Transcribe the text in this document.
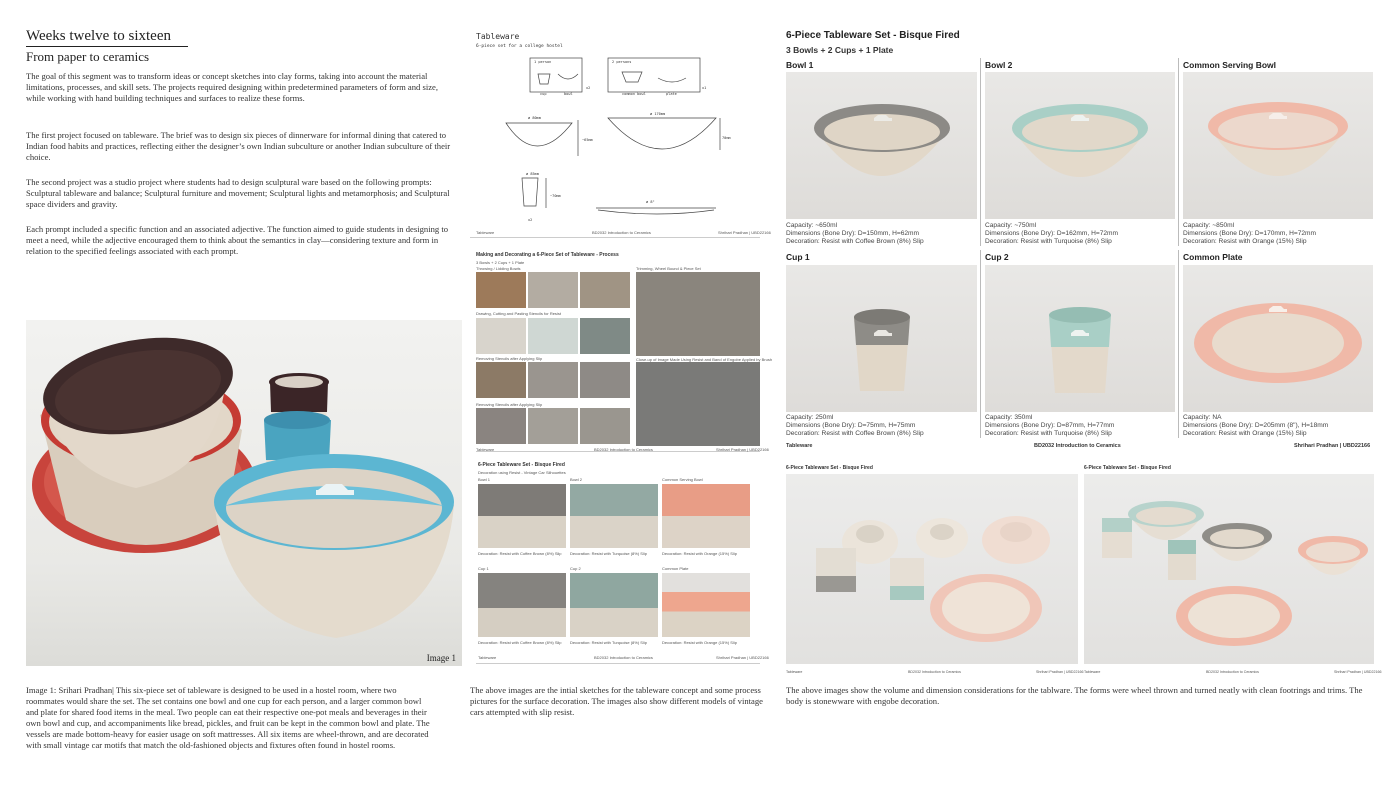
Weeks twelve to sixteen
From paper to ceramics
The goal of this segment was to transform ideas or concept sketches into clay forms, taking into account the material limitations, processes, and skill sets. The projects required designing within predetermined parameters of form and size, while working with hand building techniques and surfaces to realize these forms.
The first project focused on tableware. The brief was to design six pieces of dinnerware for informal dining that catered to Indian food habits and practices, reflecting either the designer’s own Indian subculture or another Indian subculture of their choice.
The second project was a studio project where students had to design sculptural ware based on the following prompts: Sculptural tableware and balance; Sculptural furniture and movement; Sculptural lights and metamorphosis; and Sculptural space dividers and gravity.
Each prompt included a specific function and an associated adjective. The function aimed to guide students in designing to meet a need, while the adjective encouraged them to think about the semantics in clay—considering texture and form in relation to the specified feelings associated with each prompt.
Image 1
Image 1: Srihari Pradhan| This six-piece set of tableware is designed to be used in a hostel room, where two roommates would share the set. The set contains one bowl and one cup for each person, and a larger common bowl and plate for shared food items in the meal. Two people can eat their respective one-pot meals and beverages in their own bowl and cup, and accompaniments like bread, pickles, and fruit can be kept in the common bowl and plate. The vessels are made bottom-heavy for easier usage on soft mattresses. All six items are wheel-thrown, and are decorated with small vintage car motifs that match the old-fashioned objects and fixtures often found in hostel rooms.
Tableware
6-piece set for a college hostel
1 person	2 persons
cup	bowl
x2
common bowl	plate
x1
ø 80mm
ø 170mm
~65mm	70mm
ø 85mm
~70mm
ø 8"
x2
Tableware	BD2032 Introduction to Ceramics	Shrihari Pradhan | UBD22166
Making and Decorating a 6-Piece Set of Tableware - Process
3 Bowls + 2 Cups + 1 Plate
Throwing / Lidding Bowls	Trimming, Wheel Bound & Piece Set
Drawing, Cutting and Pasting Stencils for Resist
Removing Stencils after Applying Slip	Close-up of Image Made Using Resist and Band of Engobe Applied by Brush
Removing Stencils after Applying Slip
Tableware	BD2032 Introduction to Ceramics	Shrihari Pradhan | UBD22166
6-Piece Tableware Set - Bisque Fired
Decoration using Resist - Vintage Car Silhouettes
Bowl 1	Bowl 2	Common Serving Bowl
Decoration: Resist with Coffee Brown (8%) Slip Decoration: Resist with Turquoise (8%) Slip	Decoration: Resist with Orange (15%) Slip
Cup 1	Cup 2	Common Plate
Decoration: Resist with Coffee Brown (8%) Slip Decoration: Resist with Turquoise (8%) Slip	Decoration: Resist with Orange (15%) Slip
Tableware	BD2032 Introduction to Ceramics	Shrihari Pradhan | UBD22166
The above images are the intial sketches for the tableware concept and some process pictures for the surface decoration. The images also show different models of vintage cars attempted with slip resist.
6-Piece Tableware Set - Bisque Fired
3 Bowls + 2 Cups + 1 Plate
Bowl 1	Bowl 2	Common Serving Bowl
Capacity: ~650ml
Dimensions (Bone Dry): D=150mm, H=62mm
Decoration: Resist with Coffee Brown (8%) Slip
Capacity: ~750ml
Dimensions (Bone Dry): D=162mm, H=72mm
Decoration: Resist with Turquoise (8%) Slip
Capacity: ~850ml
Dimensions (Bone Dry): D=170mm, H=72mm
Decoration: Resist with Orange (15%) Slip
Cup 1	Cup 2	Common Plate
Capacity: 250ml
Dimensions (Bone Dry): D=75mm, H=75mm
Decoration: Resist with Coffee Brown (8%) Slip
Capacity: 350ml
Dimensions (Bone Dry): D=87mm, H=77mm
Decoration: Resist with Turquoise (8%) Slip
Capacity: NA
Dimensions (Bone Dry): D=205mm (8"), H=18mm
Decoration: Resist with Orange (15%) Slip
Tableware	BD2032 Introduction to Ceramics	Shrihari Pradhan | UBD22166
6-Piece Tableware Set - Bisque Fired
Tableware	BD2032 Introduction to Ceramics	Shrihari Pradhan | UBD22166
6-Piece Tableware Set - Bisque Fired
Tableware	BD2032 Introduction to Ceramics	Shrihari Pradhan | UBD22166
The above images show the volume and dimension considerations for the tablware. The forms were wheel thrown and turned neatly with clean footrings and trims. The body is stonewware with engobe decoration.
